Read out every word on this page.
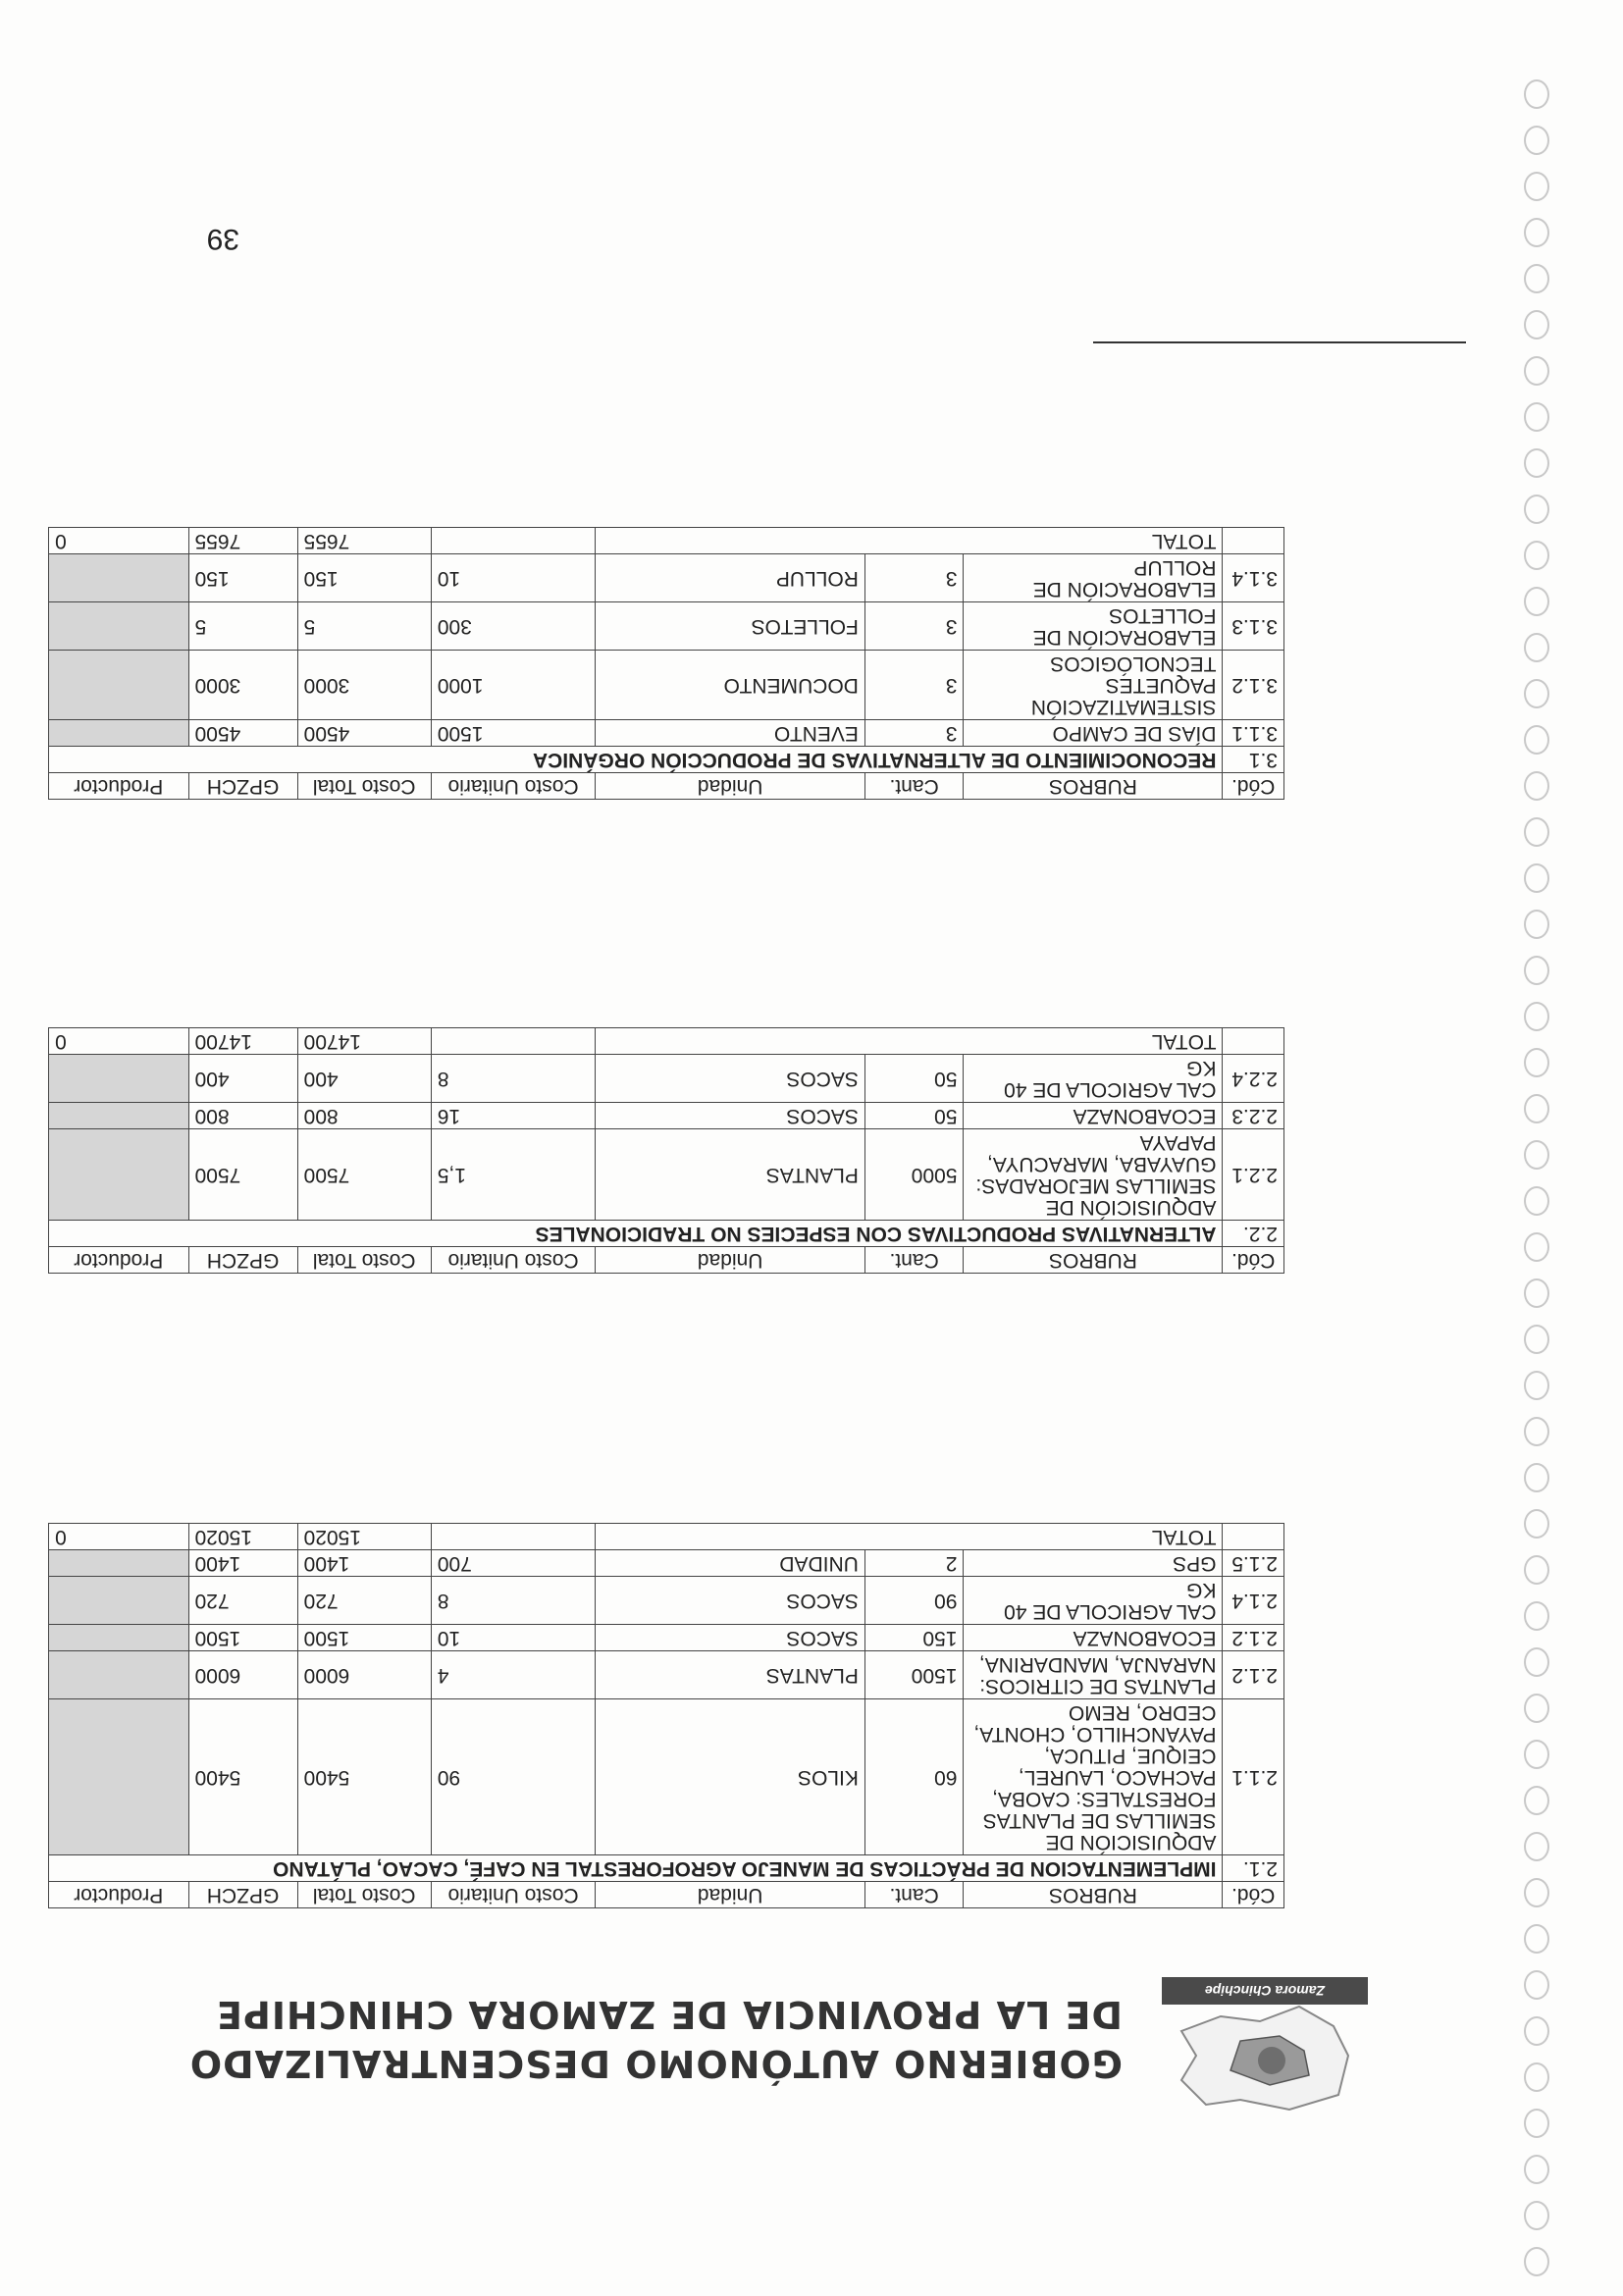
Zamora Chinchipe
GOBIERNO AUTÓNOMO DESCENTRALIZADO
DE LA PROVINCIA DE ZAMORA CHINCHIPE
Cód.	RUBROS	Cant.	Unidad	Costo Unitario	Costo Total	GPZCH	Productor
2.1.	IMPLEMENTACION DE PRÁCTICAS DE MANEJO AGROFORESTAL EN CAFÉ, CACAO, PLÁTANO						
2.1.1	ADQUISICIÓN DE SEMILLAS DE PLANTAS FORESTALES: CAOBA, PACHACO, LAUREL, CEIQUE, PITUCA, PAYANCHILLO, CHONTA, CEDRO, REMO	60	KILOS	90	5400	5400	
2.1.2	PLANTAS DE CITRICOS: NARANJA, MANDARINA,	1500	PLANTAS	4	6000	6000	
2.1.2	ECOABONAZA	150	SACOS	10	1500	1500	
2.1.4	CAL AGRICOLA DE 40 KG	90	SACOS	8	720	720	
2.1.5	GPS	2	UNIDAD	700	1400	1400	
	TOTAL				15020	15020	0
Cód.	RUBROS	Cant.	Unidad	Costo Unitario	Costo Total	GPZCH	Productor
2.2.	ALTERNATIVAS PRODUCTIVAS CON ESPECIES NO TRADICIONALES						
2.2.1	ADQUISICIÓN DE SEMILLAS MEJORADAS: GUAYABA, MARACUYA, PAPAYA	5000	PLANTAS	1,5	7500	7500	
2.2.3	ECOABONAZA	50	SACOS	16	800	800	
2.2.4	CAL AGRICOLA DE 40 KG	50	SACOS	8	400	400	
	TOTAL				14700	14700	0
Cód.	RUBROS	Cant.	Unidad	Costo Unitario	Costo Total	GPZCH	Productor
3.1	RECONOCIMIENTO DE ALTERNATIVAS DE PRODUCCIÓN ORGÁNICA						
3.1.1	DÍAS DE CAMPO	3	EVENTO	1500	4500	4500	
3.1.2	SISTEMATIZACIÓN PAQUETES TECNOLÓGICOS	3	DOCUMENTO	1000	3000	3000	
3.1.3	ELABORACIÓN DE FOLLETOS	3	FOLLETOS	300	5	5	
3.1.4	ELABORACIÓN DE ROLLUP	3	ROLLUP	10	150	150	
	TOTAL				7655	7655	0
39
